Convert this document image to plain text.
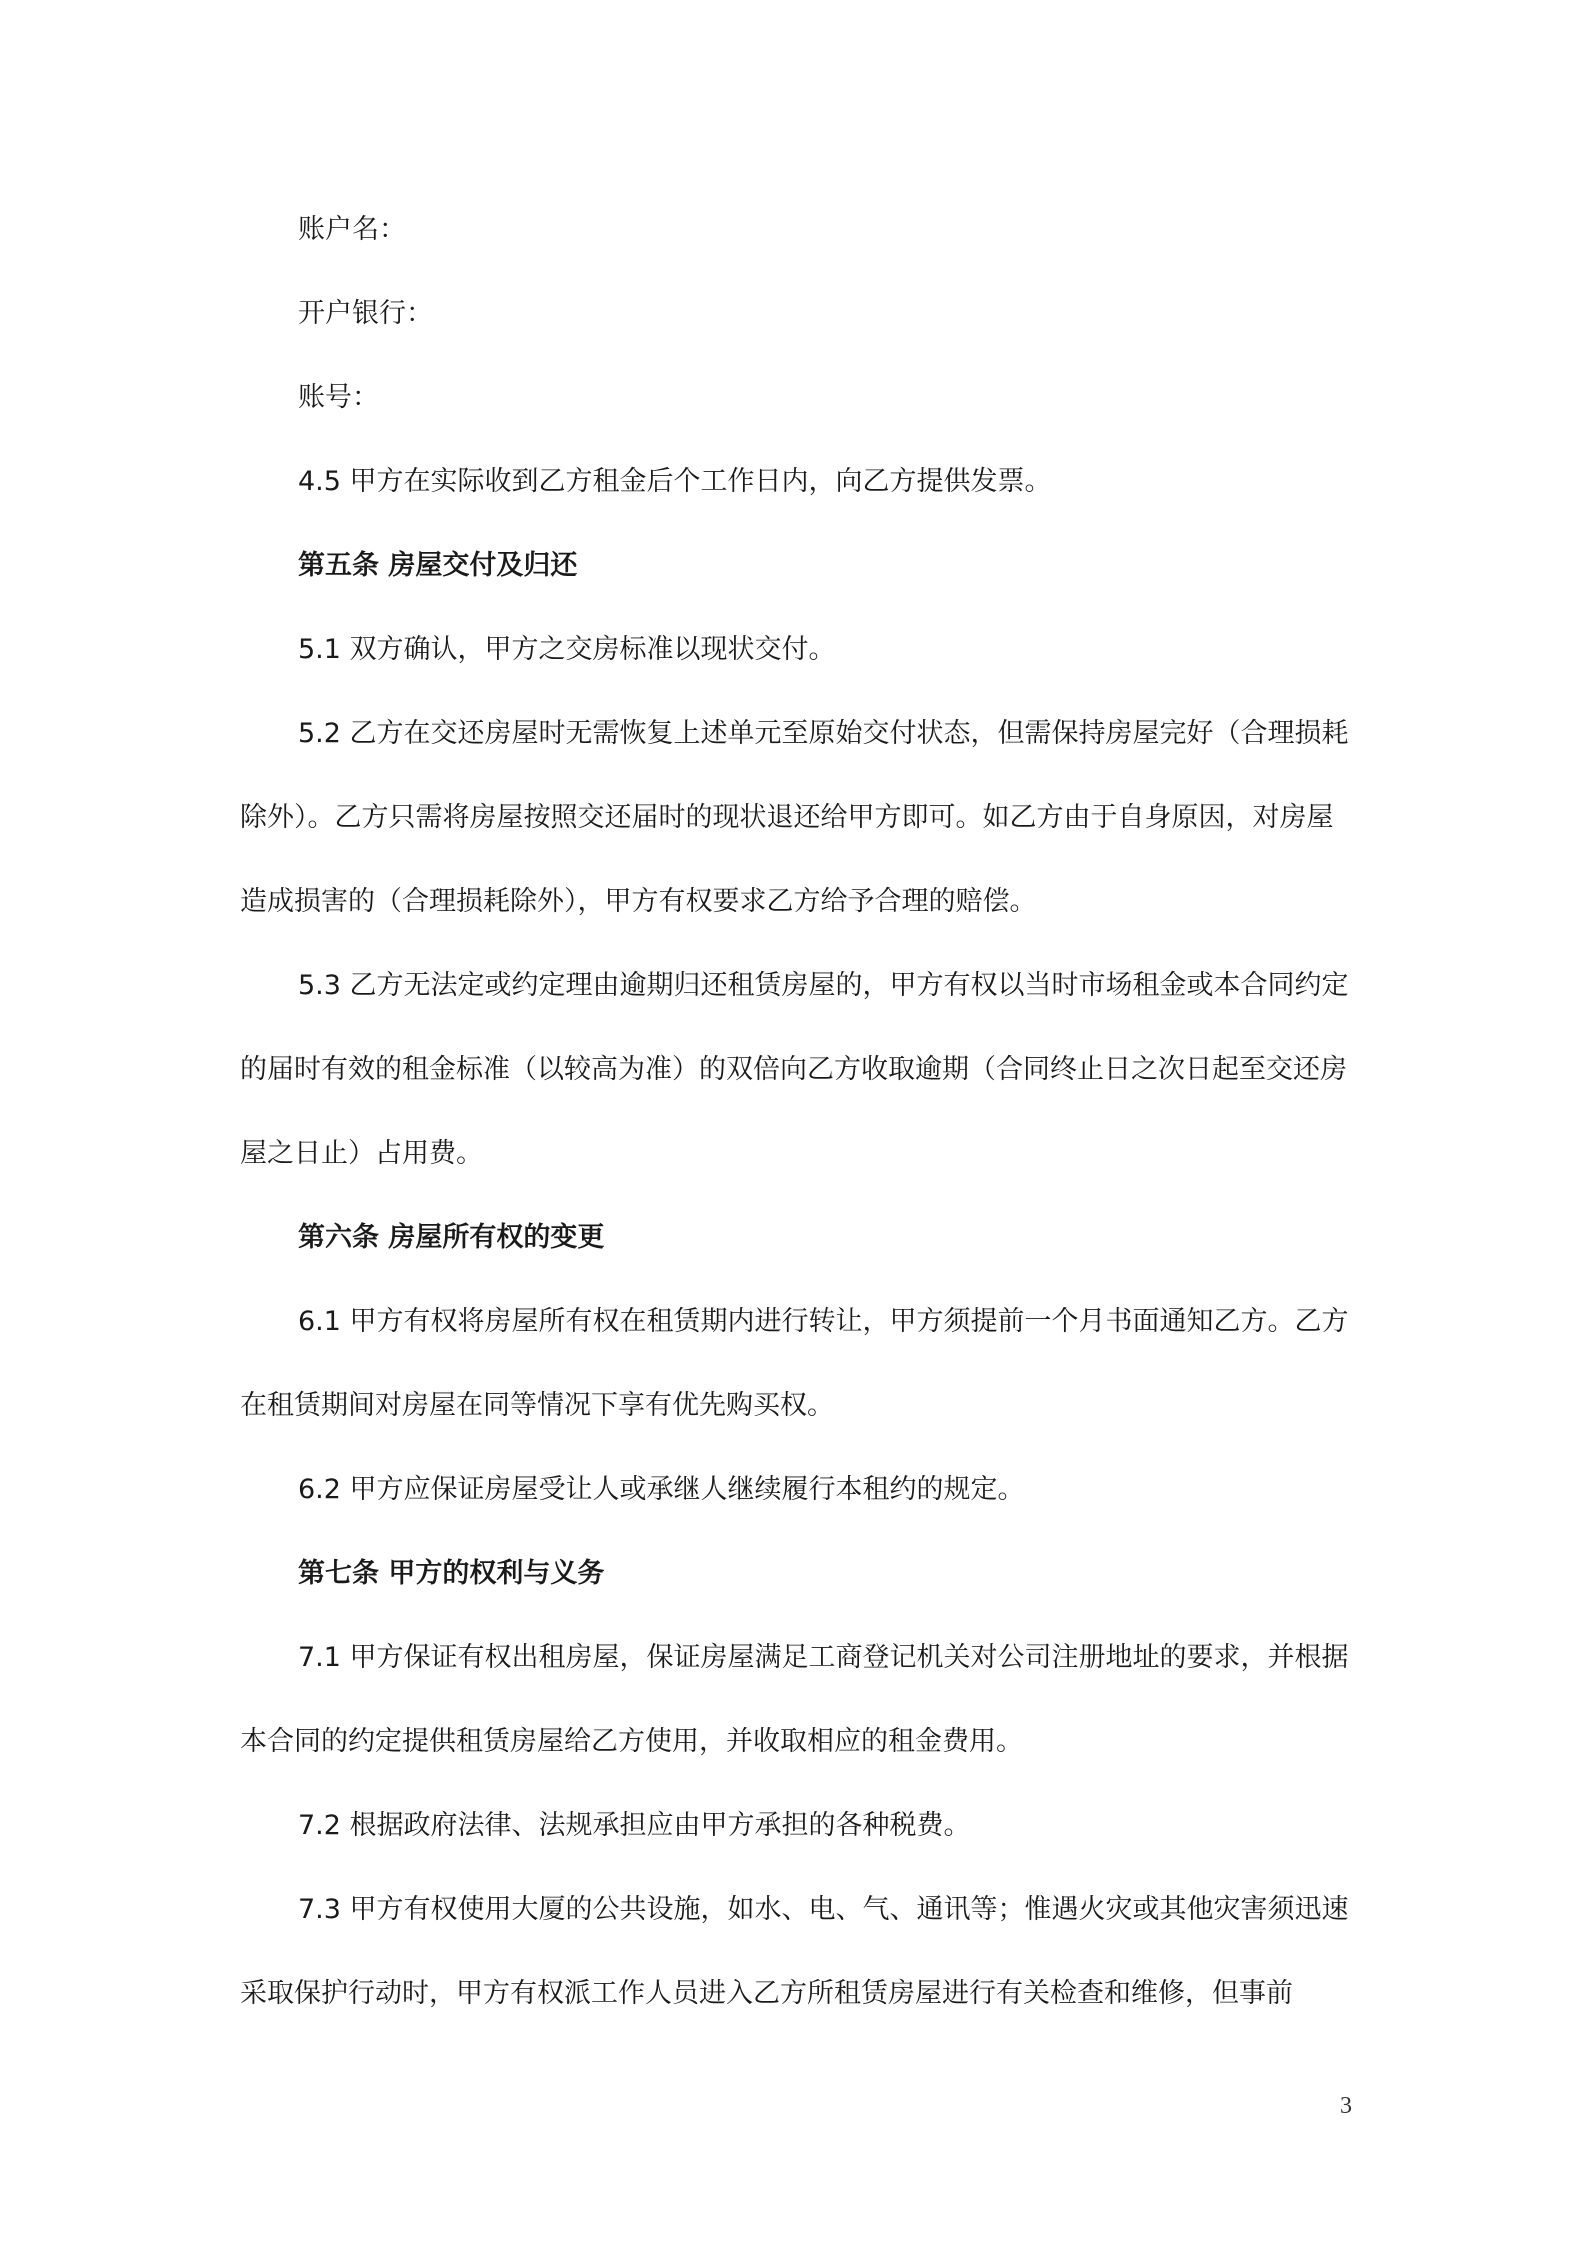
账户名：

开户银行：

账号：

4.5 甲方在实际收到乙方租金后个工作日内，向乙方提供发票。

第五条 房屋交付及归还

5.1 双方确认，甲方之交房标准以现状交付。

5.2 乙方在交还房屋时无需恢复上述单元至原始交付状态，但需保持房屋完好（合理损耗除外）。乙方只需将房屋按照交还届时的现状退还给甲方即可。如乙方由于自身原因，对房屋造成损害的（合理损耗除外），甲方有权要求乙方给予合理的赔偿。

5.3 乙方无法定或约定理由逾期归还租赁房屋的，甲方有权以当时市场租金或本合同约定的届时有效的租金标准（以较高为准）的双倍向乙方收取逾期（合同终止日之次日起至交还房屋之日止）占用费。

第六条 房屋所有权的变更

6.1 甲方有权将房屋所有权在租赁期内进行转让，甲方须提前一个月书面通知乙方。乙方在租赁期间对房屋在同等情况下享有优先购买权。

6.2 甲方应保证房屋受让人或承继人继续履行本租约的规定。

第七条 甲方的权利与义务

7.1 甲方保证有权出租房屋，保证房屋满足工商登记机关对公司注册地址的要求，并根据本合同的约定提供租赁房屋给乙方使用，并收取相应的租金费用。

7.2 根据政府法律、法规承担应由甲方承担的各种税费。

7.3 甲方有权使用大厦的公共设施，如水、电、气、通讯等；惟遇火灾或其他灾害须迅速采取保护行动时，甲方有权派工作人员进入乙方所租赁房屋进行有关检查和维修，但事前

3
